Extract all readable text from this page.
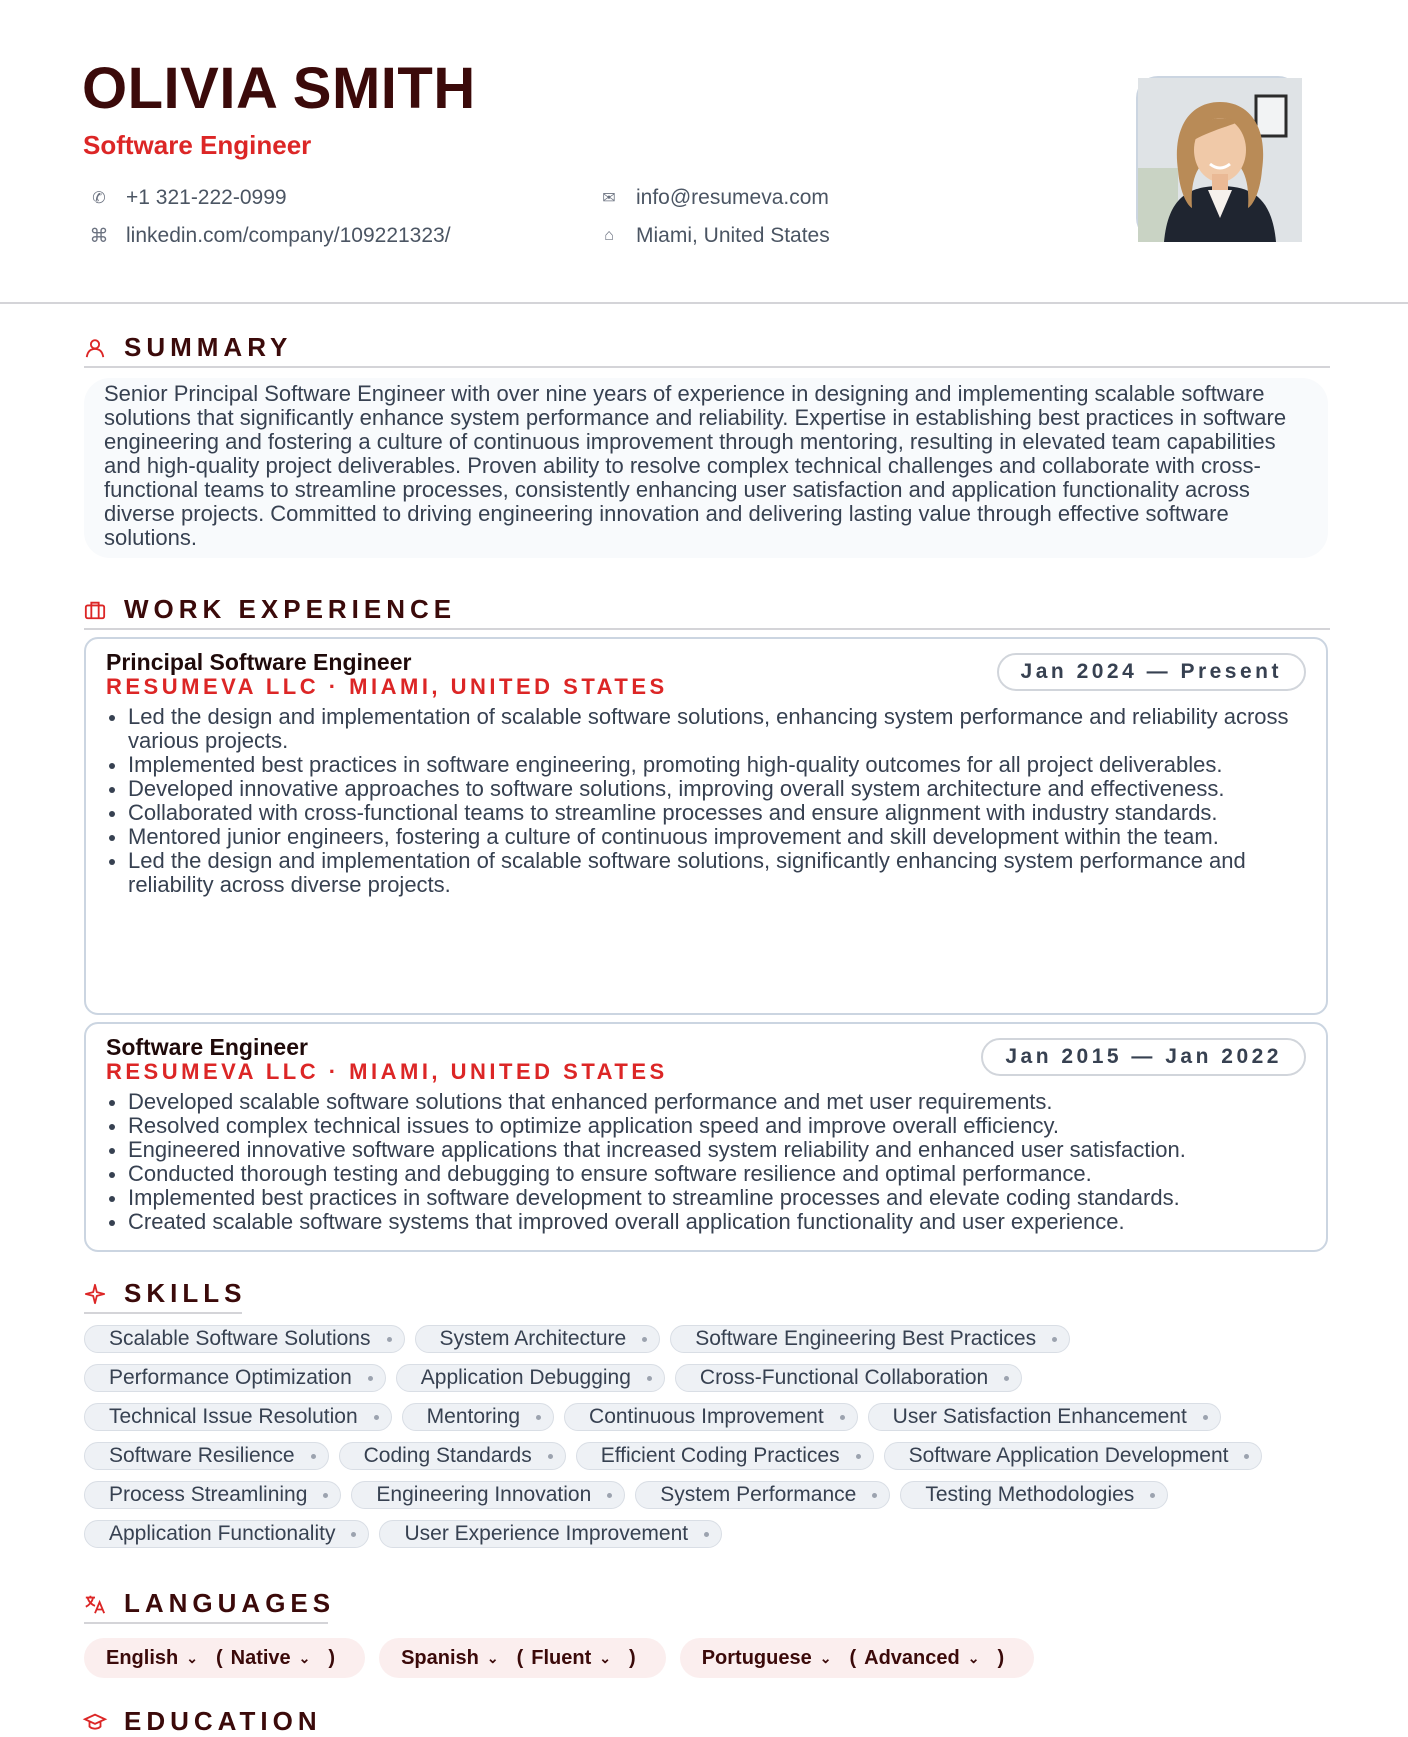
OLIVIA SMITH
Software Engineer
✆ +1 321-222-0999
⌘ linkedin.com/company/109221323/
✉ info@resumeva.com
⌂	Miami, United States
SUMMARY
Senior Principal Software Engineer with over nine years of experience in designing and implementing scalable software solutions that significantly enhance system performance and reliability. Expertise in establishing best practices in software engineering and fostering a culture of continuous improvement through mentoring, resulting in elevated team capabilities and high-quality project deliverables. Proven ability to resolve complex technical challenges and collaborate with cross-functional teams to streamline processes, consistently enhancing user satisfaction and application functionality across diverse projects. Committed to driving engineering innovation and delivering lasting value through effective software solutions.
WORK EXPERIENCE
Principal Software Engineer
RESUMEVA LLC · MIAMI, UNITED STATES
Jan 2024 — Present
Led the design and implementation of scalable software solutions, enhancing system performance and reliability across various projects.
Implemented best practices in software engineering, promoting high-quality outcomes for all project deliverables.
Developed innovative approaches to software solutions, improving overall system architecture and effectiveness.
Collaborated with cross-functional teams to streamline processes and ensure alignment with industry standards.
Mentored junior engineers, fostering a culture of continuous improvement and skill development within the team.
Led the design and implementation of scalable software solutions, significantly enhancing system performance and reliability across diverse projects.
Software Engineer
RESUMEVA LLC · MIAMI, UNITED STATES
Jan 2015 — Jan 2022
Developed scalable software solutions that enhanced performance and met user requirements.
Resolved complex technical issues to optimize application speed and improve overall efficiency.
Engineered innovative software applications that increased system reliability and enhanced user satisfaction.
Conducted thorough testing and debugging to ensure software resilience and optimal performance.
Implemented best practices in software development to streamline processes and elevate coding standards.
Created scalable software systems that improved overall application functionality and user experience.
SKILLS
Scalable Software Solutions	System Architecture	Software Engineering Best Practices
Performance Optimization	Application Debugging	Cross-Functional Collaboration
Technical Issue Resolution	Mentoring	Continuous Improvement	User Satisfaction Enhancement
Software Resilience	Coding Standards	Efficient Coding Practices	Software Application Development
Process Streamlining	Engineering Innovation	System Performance	Testing Methodologies
Application Functionality	User Experience Improvement
LANGUAGES
English ⌄ ( Native ⌄ )	Spanish ⌄ ( Fluent ⌄ )	Portuguese ⌄ ( Advanced ⌄ )
EDUCATION
